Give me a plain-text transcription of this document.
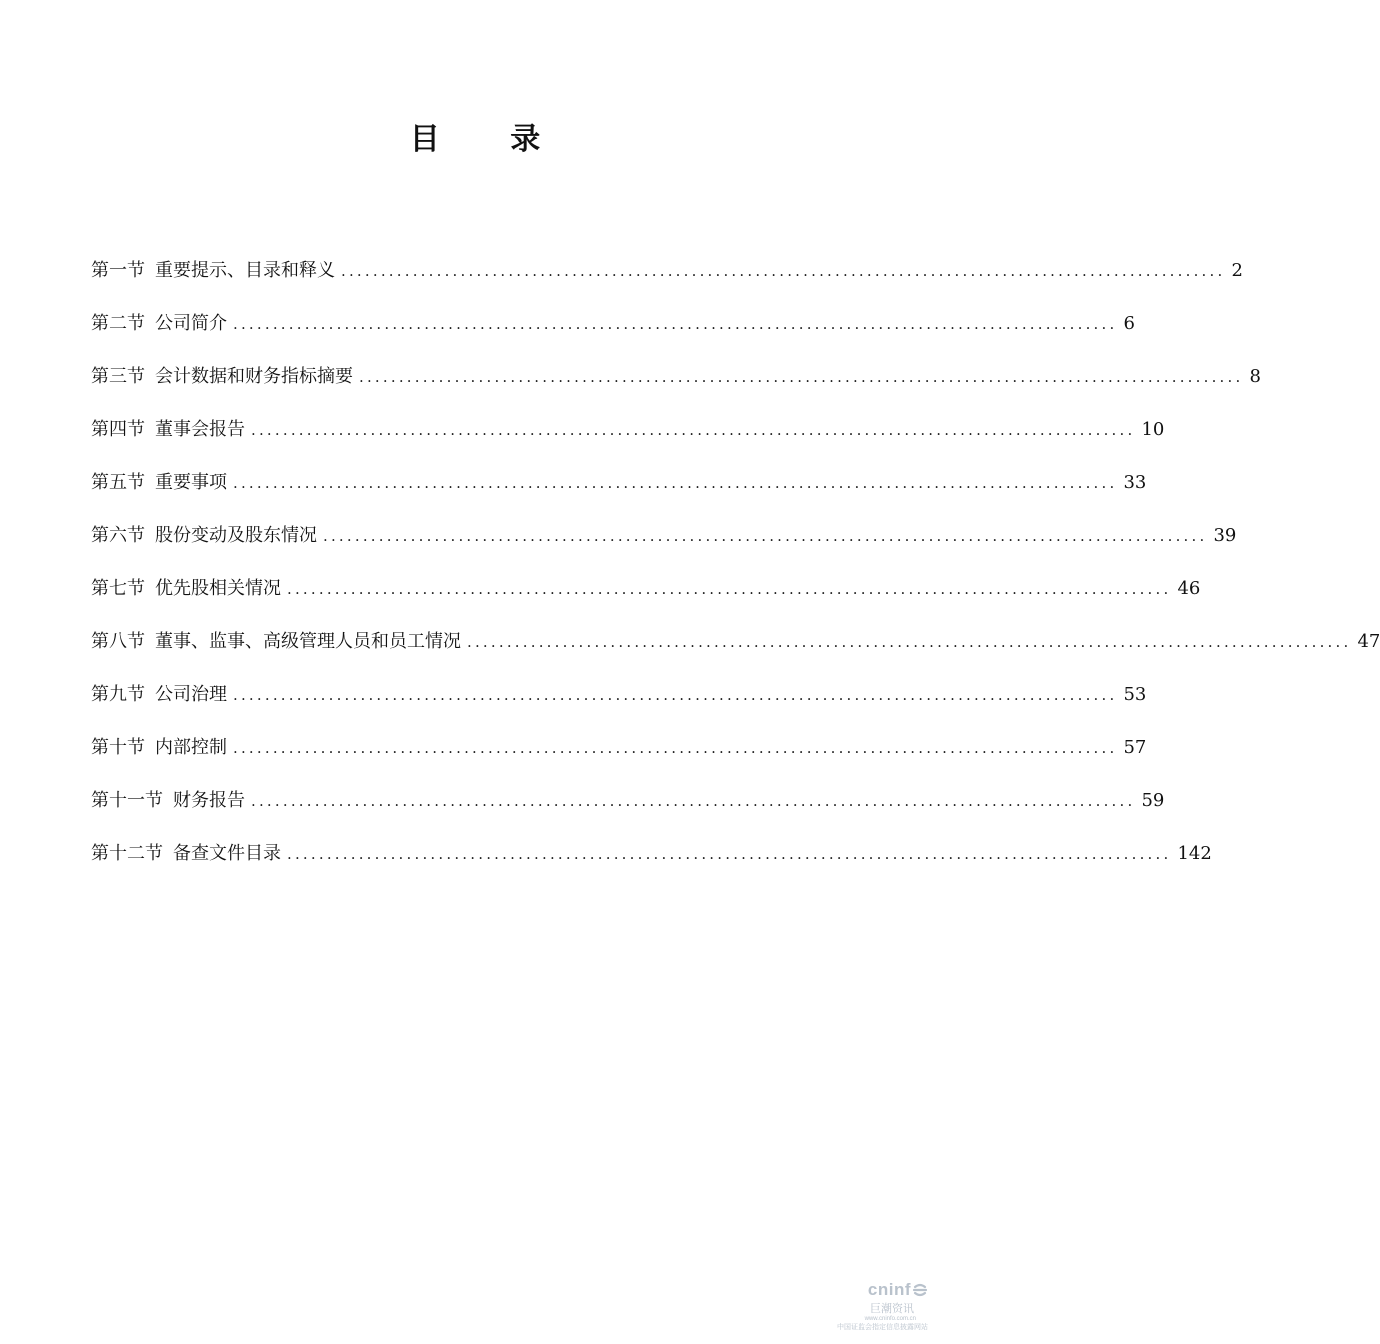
目 录
第一节 重要提示、目录和释义 ............................................................................................................... 2
第二节 公司简介 ............................................................................................................... 6
第三节 会计数据和财务指标摘要 ............................................................................................................... 8
第四节 董事会报告 ............................................................................................................... 10
第五节 重要事项 ............................................................................................................... 33
第六节 股份变动及股东情况 ............................................................................................................... 39
第七节 优先股相关情况 ............................................................................................................... 46
第八节 董事、监事、高级管理人员和员工情况 ............................................................................................................... 47
第九节 公司治理 ............................................................................................................... 53
第十节 内部控制 ............................................................................................................... 57
第十一节 财务报告 ............................................................................................................... 59
第十二节 备查文件目录 ............................................................................................................... 142
cninf
巨潮资讯
www.cninfo.com.cn
中国证监会指定信息披露网站
